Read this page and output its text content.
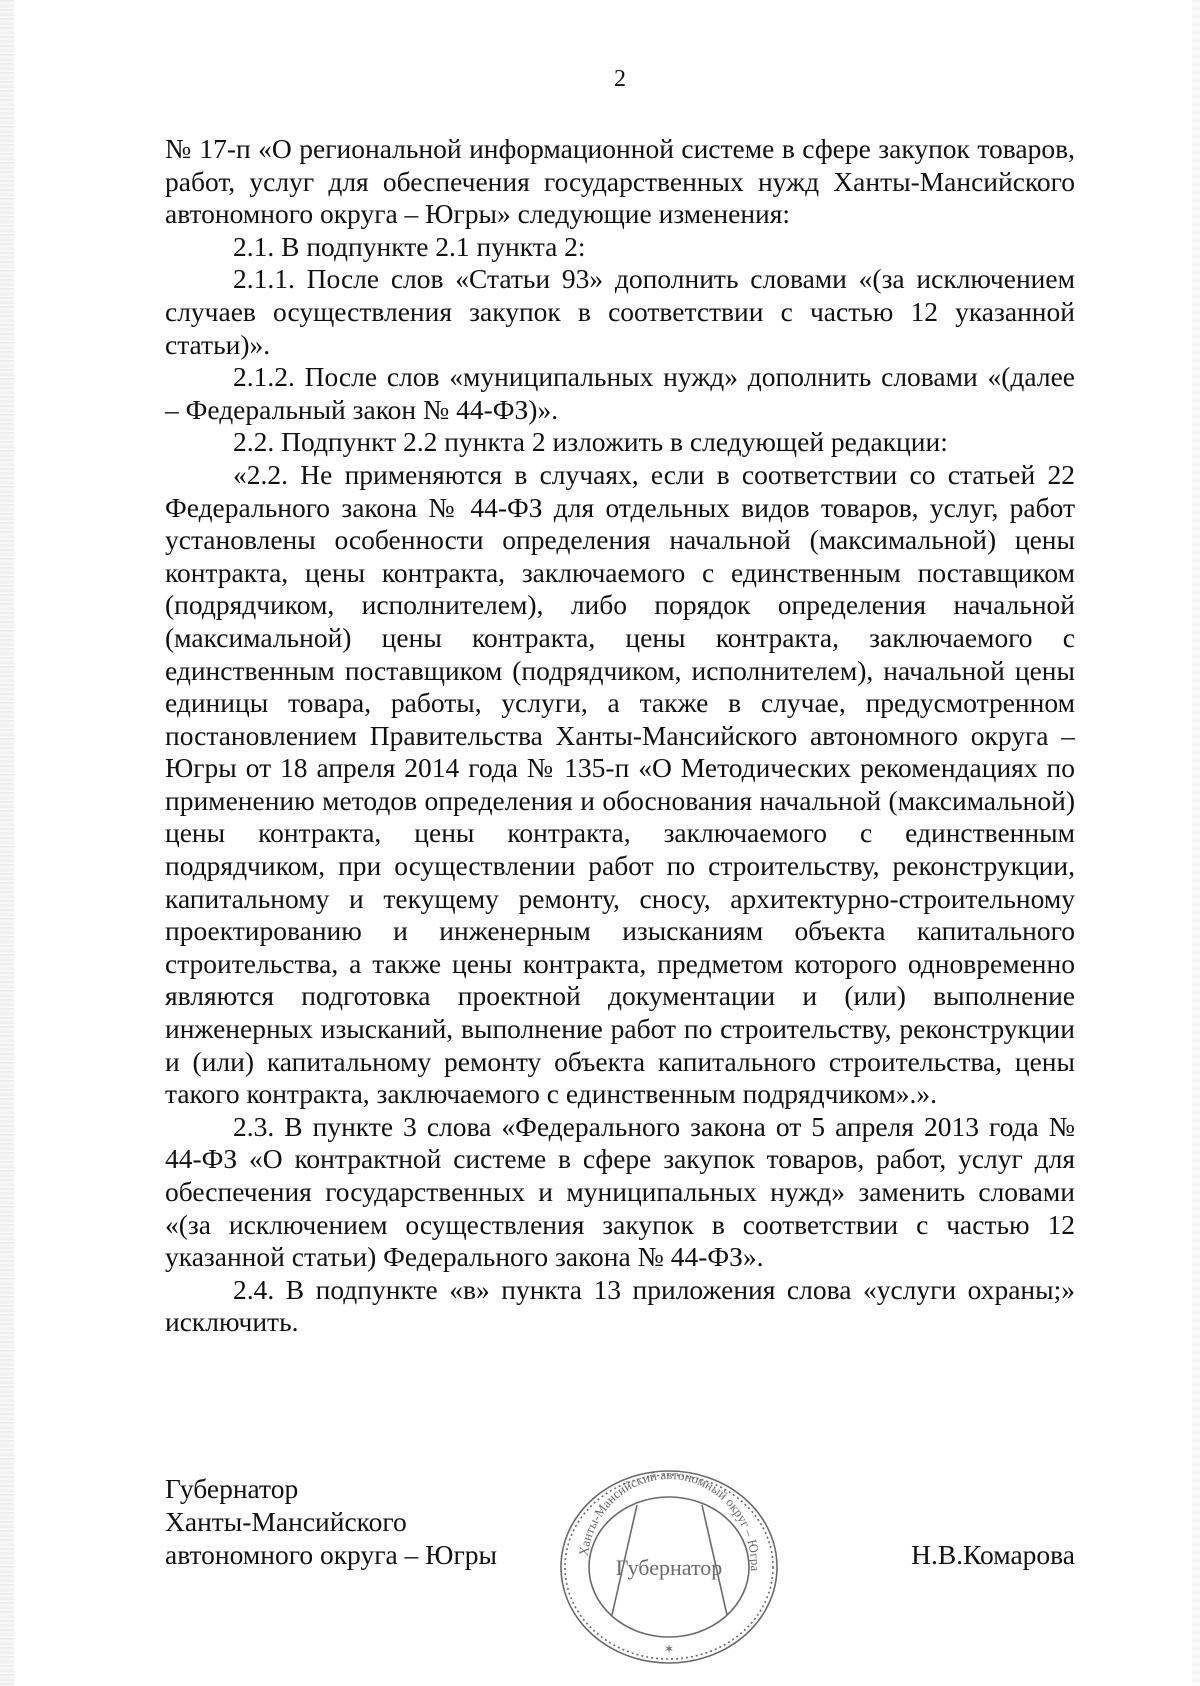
2

№ 17-п «О региональной информационной системе в сфере закупок товаров, работ, услуг для обеспечения государственных нужд Ханты-Мансийского автономного округа – Югры» следующие изменения:

2.1. В подпункте 2.1 пункта 2:

2.1.1. После слов «Статьи 93» дополнить словами «(за исключением случаев осуществления закупок в соответствии с частью 12 указанной статьи)».

2.1.2. После слов «муниципальных нужд» дополнить словами «(далее – Федеральный закон № 44-ФЗ)».

2.2. Подпункт 2.2 пункта 2 изложить в следующей редакции:

«2.2. Не применяются в случаях, если в соответствии со статьей 22 Федерального закона № 44-ФЗ для отдельных видов товаров, услуг, работ установлены особенности определения начальной (максимальной) цены контракта, цены контракта, заключаемого с единственным поставщиком (подрядчиком, исполнителем), либо порядок определения начальной (максимальной) цены контракта, цены контракта, заключаемого с единственным поставщиком (подрядчиком, исполнителем), начальной цены единицы товара, работы, услуги, а также в случае, предусмотренном постановлением Правительства Ханты-Мансийского автономного округа – Югры от 18 апреля 2014 года № 135-п «О Методических рекомендациях по применению методов определения и обоснования начальной (максимальной) цены контракта, цены контракта, заключаемого с единственным подрядчиком, при осуществлении работ по строительству, реконструкции, капитальному и текущему ремонту, сносу, архитектурно-строительному проектированию и инженерным изысканиям объекта капитального строительства, а также цены контракта, предметом которого одновременно являются подготовка проектной документации и (или) выполнение инженерных изысканий, выполнение работ по строительству, реконструкции и (или) капитальному ремонту объекта капитального строительства, цены такого контракта, заключаемого с единственным подрядчиком».».

2.3. В пункте 3 слова «Федерального закона от 5 апреля 2013 года № 44-ФЗ «О контрактной системе в сфере закупок товаров, работ, услуг для обеспечения государственных и муниципальных нужд» заменить словами «(за исключением осуществления закупок в соответствии с частью 12 указанной статьи) Федерального закона № 44-ФЗ».

2.4. В подпункте «в» пункта 13 приложения слова «услуги охраны;» исключить.

Губернатор
Ханты-Мансийского
автономного округа – Югры	Ханты-Мансийский автономный округ – Югра
Губернатор
✶
Н.В.Комарова
